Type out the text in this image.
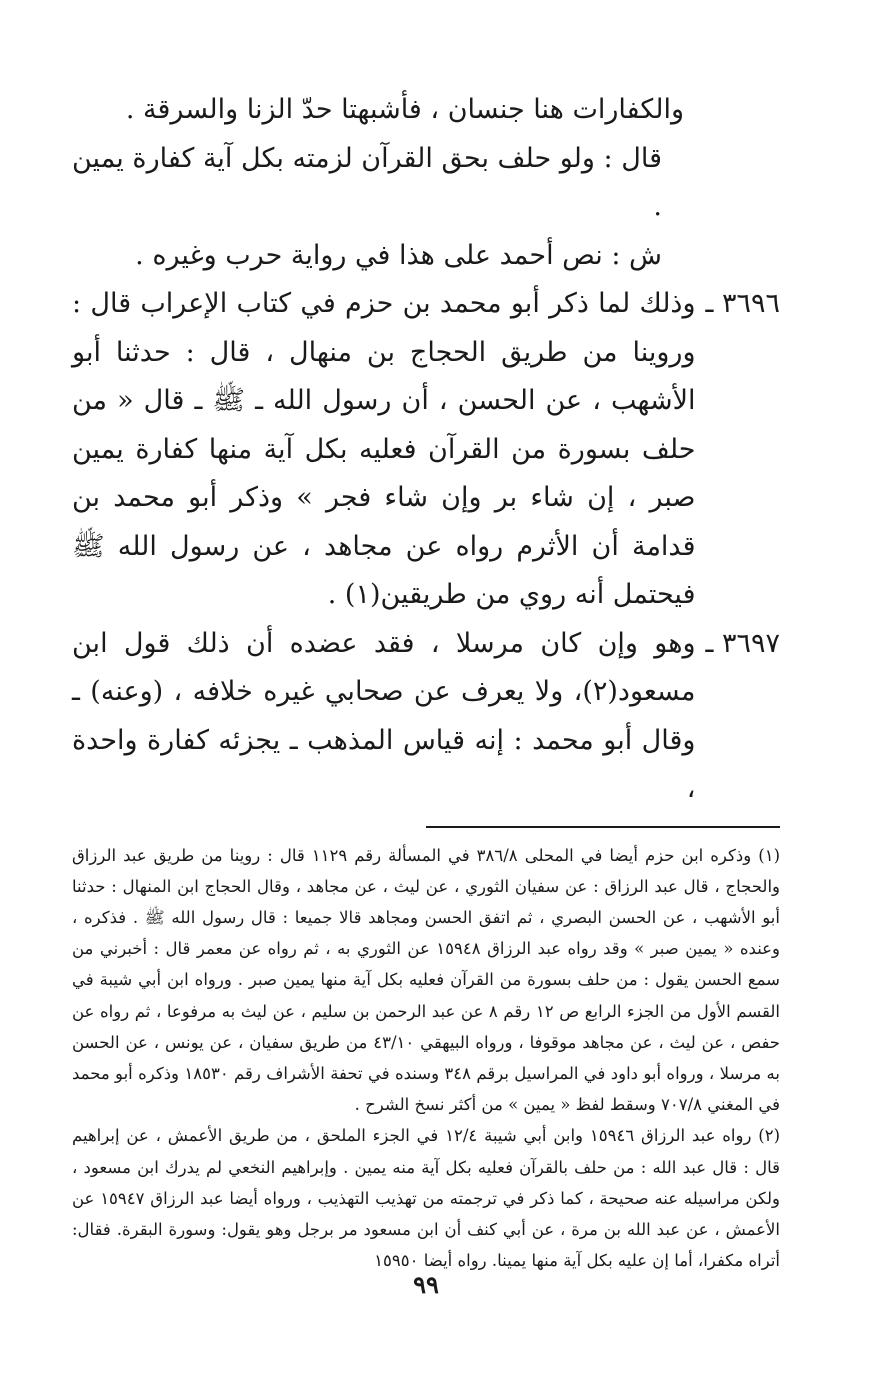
والكفارات هنا جنسان ، فأشبهتا حدّ الزنا والسرقة .

قال : ولو حلف بحق القرآن لزمته بكل آية كفارة يمين .

ش : نص أحمد على هذا في رواية حرب وغيره .

٣٦٩٦ ـ
وذلك لما ذكر أبو محمد بن حزم في كتاب الإعراب قال : وروينا من طريق الحجاج بن منهال ، قال : حدثنا أبو الأشهب ، عن الحسن ، أن رسول الله ـ ﷺ ـ قال « من حلف بسورة من القرآن فعليه بكل آية منها كفارة يمين صبر ، إن شاء بر وإن شاء فجر » وذكر أبو محمد بن قدامة أن الأثرم رواه عن مجاهد ، عن رسول الله ﷺ فيحتمل أنه روي من طريقين(١) .
٣٦٩٧ ـ
وهو وإن كان مرسلا ، فقد عضده أن ذلك قول ابن مسعود(٢)، ولا يعرف عن صحابي غيره خلافه ، (وعنه) ـ وقال أبو محمد : إنه قياس المذهب ـ يجزئه كفارة واحدة ،

(١) وذكره ابن حزم أيضا في المحلى ٣٨٦/٨ في المسألة رقم ١١٢٩ قال : روينا من طريق عبد الرزاق والحجاج ، قال عبد الرزاق : عن سفيان الثوري ، عن ليث ، عن مجاهد ، وقال الحجاج ابن المنهال : حدثنا أبو الأشهب ، عن الحسن البصري ، ثم اتفق الحسن ومجاهد قالا جميعا : قال رسول الله ﷺ . فذكره ، وعنده « يمين صبر » وقد رواه عبد الرزاق ١٥٩٤٨ عن الثوري به ، ثم رواه عن معمر قال : أخبرني من سمع الحسن يقول : من حلف بسورة من القرآن فعليه بكل آية منها يمين صبر . ورواه ابن أبي شيبة في القسم الأول من الجزء الرابع ص ١٢ رقم ٨ عن عبد الرحمن بن سليم ، عن ليث به مرفوعا ، ثم رواه عن حفص ، عن ليث ، عن مجاهد موقوفا ، ورواه البيهقي ٤٣/١٠ من طريق سفيان ، عن يونس ، عن الحسن به مرسلا ، ورواه أبو داود في المراسيل برقم ٣٤٨ وسنده في تحفة الأشراف رقم ١٨٥٣٠ وذكره أبو محمد في المغني ٧٠٧/٨ وسقط لفظ « يمين » من أكثر نسخ الشرح .

(٢) رواه عبد الرزاق ١٥٩٤٦ وابن أبي شيبة ١٢/٤ في الجزء الملحق ، من طريق الأعمش ، عن إبراهيم قال : قال عبد الله : من حلف بالقرآن فعليه بكل آية منه يمين . وإبراهيم النخعي لم يدرك ابن مسعود ، ولكن مراسيله عنه صحيحة ، كما ذكر في ترجمته من تهذيب التهذيب ، ورواه أيضا عبد الرزاق ١٥٩٤٧ عن الأعمش ، عن عبد الله بن مرة ، عن أبي كنف أن ابن مسعود مر برجل وهو يقول: وسورة البقرة. فقال: أتراه مكفرا، أما إن عليه بكل آية منها يمينا. رواه أيضا ١٥٩٥٠

٩٩
